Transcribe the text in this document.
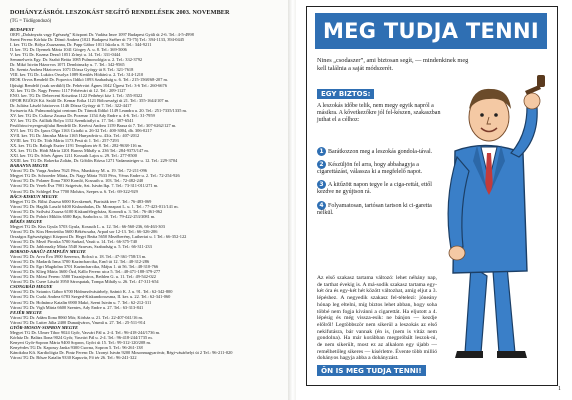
DOHÁNYZÁSRÓL LESZOKÁST SEGÍTŐ RENDELÉSEK 2003. NOVEMBER
(TG = Tüdőgondozó)
BUDAPEST
OEFI „Dohányzás vagy Egészség” Központ Dr. Vadász Imre 1097 Budapest Gyáli út 2-6. Tel.: 4-5-4998
Szent Ferenc Kórház Dr. Dömö Andrea (1021 Budapest Széher út 73-75) Tel.: 394-1133, 394-0445
I. ker. TG Dr. Bólya Zsuzsanna, Dr. Papp Gábor 1011 Iskola u. 8. Tel.: 344-9211
II. ker. TG Dr. Ilyemek Mária 1041 Görgey A. u. 8. Tel.: 369-5006
V. ker. TG Dr. Kozma Dezső 1051 Zrínyi u. 14. Tel.: 331-0444
Semmelweis Egy. Dr. Szabó Beáta 1085 Pulmonológia u. 2. Tel.: 332-3792
Dr. Mikó István Házorvos 1071 Dembinszky u. 7. Tel.: 342-9565
Dr. Szentz Andrea Háziorvos 1071 Dózsa György út 8. Tel.: 321-7618
VIII. ker. TG Dr. Lukács Orsolya 1089 Kerülés Hídiárú u. 2. Tel.: 314-1210
BIOK Orvos Rendelő Dr. Popovics Ildikó 1093 Szabadság u. 6. Tel.: 215-1568/68-207 m.
Ifjúsági Rendelő (csak serdülő) Dr. Fehérvári Ágnes 1042 Újpest Tel.: 3-6 Tel.: 260-6676
XI. ker. TG Dr. Nagy Ferenc 1117 Fehérvári út 12. Tel.: 209-1127
ENO. ker. TG Dr. Debreceni Krisztina 1122 Pethényi köz 1. Tel.: 355-8322
OPOR BGÖGS Ká. Szülő Dr. Kemar Erika 1121 Bölcsességi út 21. Tel.: 355-1644/107 m.
Dr. Juliász László háziorvos 1146 Dózsa György út 7. Tel.: 322-4417
Swisserta Ak. Pulmonológiai centrum Dr. Tárnok Ildikó 1149 Leandra u. 20. Tel.: 251-7335/1335 m.
XV. ker. TG Dr. Csikosz Zsuzsa Dr. Pozenar 1154 Ady Endre u. 4-6. Tel.: 31-7959
XV. ker. TG Dr. Atilliák Bolya 1152 Szentkirályi u. 17. Tel.: 307-6541
Pestlőrinci-nyergesújfalui Rendelő Dr. Kerécsi Andrea 1159 Bazsa út 7. Tel.: 307-6262/127 m.
XVI. ker. TG Dr. Ipacs Olga 1163 Cziráki u. 26-32 Tel.: 400-3004, db. 306-0217
XVII. ker. TG Dr. Jánoska Mária 1165 Hunyadvár u. 43/a. Tel.: 407-2012
XVIII. ker. TG Dr. Tóth Mária 1173 Pesti út 1. Tel.: 257-7293
XX. ker. TG Dr. Balogh Eszter 1191 Templom tér 8. Tel.: 282-9638-116 m.
XX. ker. TG Dr. Hódi Mária 1201 Baross Mihály u. 236 Tel.: 284-9373/147 m.
XXI. ker. TG Dr. Sőrés Ágnes 1211 Kossuth Lajos u. 29. Tel.: 277-8500
XXIII. ker. TG Dr. Rokerka Zoltán, Dr. Göblös Rózsa 1271 Vadamsteiger u. 12. Tel.: 229-3704
BARANYA MEGYE
Városi TG Dr. Varga Andrea 7621 Pécs, Munkácsy M. u. 19. Tel.: 72-211-096
Megyei TG Dr. Schroeder Mária, Dr. Nagy Mária 7633 Pécs, Vérus Endre u. 2. Tel.: 72-254-926
Városi TG Dr. Polaner Ilona 7300 Komló, Kossuth u. 103. Tel.: 72-482-240
Városi TG Dr. Vereb Éva 7901 Szigetvár, Szt. István lkp. 7. Tel.: 73-311-011/271 m.
Városi TG Dr. Schlegel Eva 7700 Mohács, Szepes u. 6. Tel.: 69-322-929
BÁCS-KISKUN MEGYE
Megyei TG Dr. Bilisi Zsuzsa 6000 Kecskemét, Piaristák tere 7. Tel.: 76-483-069
Városi TG Dr. Haglik Laszló 6400 Kiskunhalas, Dr. Monszpart L. u. 1. Tel.: 77-423-011/141 m.
Városi TG Dr. Szilvási Zsuzsa 6100 Kiskunfélegyháza, Korondi u. 3. Tel.: 76-461-062
Városi TG Dr. Pohóri Miklós 6500 Baja, Szabolcs u. 10. Tel.: 79-422-253/3081 m.
BÉKÉS MEGYE
Megyei TG Dr. Kiss Gyula 5703 Gyula, Kossuth L. u. 12. Tel.: 66-560-236, 66-463-303
Városi TG Dr. Kiss Henriettha 5600 Békéscsaba, Arpad sor 12-13. Tel.: 66-326-206
Országos Egészségügyi Központ Dr. Hegyi Beáta 5650 Mezőberény, Lutheriai u. 1 Tel.: 66-352-122
Városi TG Dr. Mező Piroska 5700 Sarkad, Vasút u. 14. Tel.: 66-375-740
Városi TG Dr. Jablonszky Mária 5540 Szarvas, Szabadság u. 5. Tel.: 66-311-233
BORSOD-ABAÚJ-ZEMPLÉN MEGYE
Városi TG Dr. Arva Éva 3900 Szerencs, Bolcsó u. 18. Tel.: 47-361-758/13 m.
Városi TG Dr. Madarik Irma 3700 Kazincbarcika, Ernő út 12. Tel.: 48-312-286
Városi TG Dr. Egri Magdolna 3701 Kazincbarcika, Május 1. út 56. Tel.: 48-310-766
Városi TG Dr. Klieg Mária 3600 Ózd, Kállo Ferenc utca 5. Tel.: 48-471-188-379-277
Városi TG Dr. Mózsi Ferenc 3580 Tiszaújváros, Bethlen G. u. 11. Tel.: 49-542-022
Városi TG Dr. Csere László 3950 Sárospatak, Tompa Mihály u. 26. Tel.: 47-311-654
CSONGRÁD MEGYE
Városi TG Dr. Sztanics Gábor 6700 Hódmezővásárhely, Szántó K. J. u. 91. Tel.: 62-342-800
Városi TG Dr. Csoki Andrea 6783 Szeged-Kiskundorozsma, II. ker. u. 22. Tel.: 62-341-060
Városi TG Dr. Holnáncz Katalin 6900 Makó, Szent István u. 7. Tel.: 62-212-311
Városi TG Dr. Vigh Mária 6600 Szentes, Ady Endre u. 27. Tel.: 63-313-841
FEJÉR MEGYE
Városi TG Dr. Adám Ilona 8060 Mór, Kórház u. 21. Tel.: 22-407-041/16 m.
Városi TG Dr. Lutter Júlia 2400 Dunaújváros, Vasmű u. 27. Tel.: 25-511-914
GYŐR-MOSON-SOPRON MEGYE
Megyei TG Dr. Ulmer Tibor 9024 Győr, Vasvári Pál u. 2-4. Tel.: 96-418-244/1736 m.
Kórház Dr. Balázs Ilona 9024 Győr, Vasvári Pál u. 2-4. Tel.: 96-418-244/1735 m.
Kenyeri Győr-Sopron Mária 9400 Sopron, Győri út 15. Tel.: 99-312-120/208 m.
Kenyérdes TG Dr. Kapossy Janka 9300 Csorna, Sopron 5. Tel.: 96-261-138
Kánokdoa Kft. Kardiológia Dr. Pintz Ferenc Dr. Uzonyi István 9200 Mosonmagyaróvár, Régi-vásárhelyi út 2 Tel.: 96-211-020
Városi TG Dr. Bősze Katalin 9330 Kapuvár, Fő tér 26. Tel.: 96-241-322
MEG TUDJA TENNI
Nines „csodaszer”, ami biztosan segít, — mindenkinek meg kell találnia a saját módszerét.
EGY BIZTOS:
A leszokás időbe telik, nem megy egyik napról a másikra. A kővetkezőkre jól fel-készen, szakaszban juthat el a célhoz:
1 Barátkozzon meg a leszokás gondola-tával.
2 Készüljön fel arra, hogy abbahagyja a cigarettázást, válassza ki a megfelelő napot.
3 A kitűzött napon tegye le a ciga-rettát, ettől kezdve ne gyújtson rá.
4 Folyamatosan, tartósan tartson ki ci-garetta nélkül.
Az első szakasz tartama változó: lehet néhány nap, de tarthat évekig is. A má-sodik szakasz tartama egy-két óra és egy-két hét között változhat, amíg eljut a 3. lépéshez. A negyedik szakasz fel-tételezi: jóneány hónap leg eltelni, míg biztos lehet abban, hogy soha többé nem fogja kívánni a cigarettát. Ha eljutott a 4. lépésig és még vissza-esik: ne bánjon — kezdje előlről! Legtöbbször nem sikerül a leszokás az első nekifutásra, bár vannak (én is, (nem is vitáz nem gondolna). Ha már korábban megpróbált leszok-ni, de nem sikerült, most ez az alkalom egy újabb — remélhetőleg sikeres — kísérletre. Évente több millió dohányos hagyja abba a dohányzást.
ÖN IS MEG TUDJA TENNI!
1
